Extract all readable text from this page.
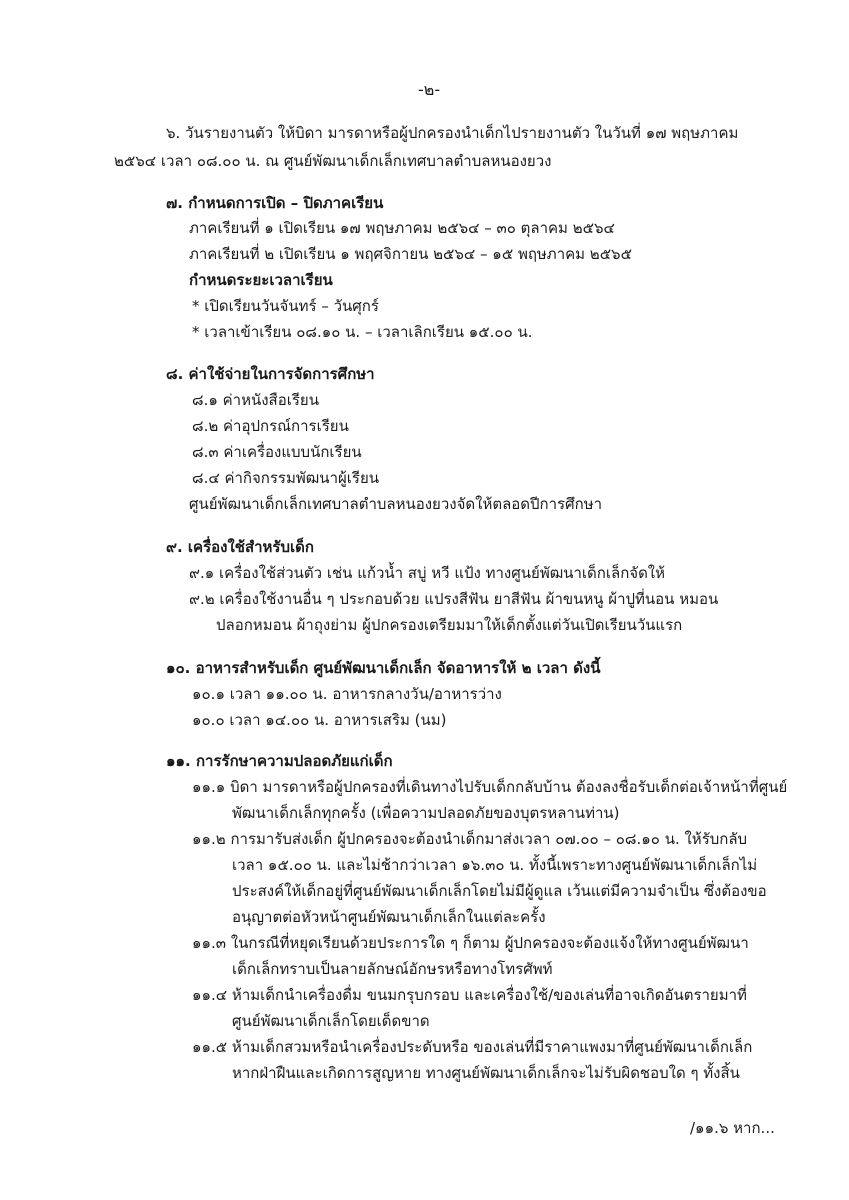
-๒-
๖. วันรายงานตัว ให้บิดา มารดาหรือผู้ปกครองนำเด็กไปรายงานตัว ในวันที่ ๑๗ พฤษภาคม
๒๕๖๔ เวลา ๐๘.๐๐ น. ณ ศูนย์พัฒนาเด็กเล็กเทศบาลตำบลหนองยวง
๗. กำหนดการเปิด – ปิดภาคเรียน
ภาคเรียนที่ ๑ เปิดเรียน ๑๗ พฤษภาคม ๒๕๖๔ – ๓๐ ตุลาคม ๒๕๖๔
ภาคเรียนที่ ๒ เปิดเรียน ๑ พฤศจิกายน ๒๕๖๔ – ๑๕ พฤษภาคม ๒๕๖๕
กำหนดระยะเวลาเรียน
* เปิดเรียนวันจันทร์ – วันศุกร์
* เวลาเข้าเรียน ๐๘.๑๐ น. – เวลาเลิกเรียน ๑๕.๐๐ น.
๘. ค่าใช้จ่ายในการจัดการศึกษา
๘.๑ ค่าหนังสือเรียน
๘.๒ ค่าอุปกรณ์การเรียน
๘.๓ ค่าเครื่องแบบนักเรียน
๘.๔ ค่ากิจกรรมพัฒนาผู้เรียน
ศูนย์พัฒนาเด็กเล็กเทศบาลตำบลหนองยวงจัดให้ตลอดปีการศึกษา
๙. เครื่องใช้สำหรับเด็ก
๙.๑ เครื่องใช้ส่วนตัว เช่น แก้วน้ำ สบู่ หวี แป้ง ทางศูนย์พัฒนาเด็กเล็กจัดให้
๙.๒ เครื่องใช้งานอื่น ๆ ประกอบด้วย แปรงสีฟัน ยาสีฟัน ผ้าขนหนู ผ้าปูที่นอน หมอน
ปลอกหมอน ผ้าถุงย่าม ผู้ปกครองเตรียมมาให้เด็กตั้งแต่วันเปิดเรียนวันแรก
๑๐. อาหารสำหรับเด็ก ศูนย์พัฒนาเด็กเล็ก จัดอาหารให้ ๒ เวลา ดังนี้
๑๐.๑ เวลา ๑๑.๐๐ น. อาหารกลางวัน/อาหารว่าง
๑๐.๐ เวลา ๑๔.๐๐ น. อาหารเสริม (นม)
๑๑. การรักษาความปลอดภัยแก่เด็ก
๑๑.๑ บิดา มารดาหรือผู้ปกครองที่เดินทางไปรับเด็กกลับบ้าน ต้องลงชื่อรับเด็กต่อเจ้าหน้าที่ศูนย์
พัฒนาเด็กเล็กทุกครั้ง (เพื่อความปลอดภัยของบุตรหลานท่าน)
๑๑.๒ การมารับส่งเด็ก ผู้ปกครองจะต้องนำเด็กมาส่งเวลา ๐๗.๐๐ – ๐๘.๑๐ น. ให้รับกลับ
เวลา ๑๕.๐๐ น. และไม่ช้ากว่าเวลา ๑๖.๓๐ น. ทั้งนี้เพราะทางศูนย์พัฒนาเด็กเล็กไม่
ประสงค์ให้เด็กอยู่ที่ศูนย์พัฒนาเด็กเล็กโดยไม่มีผู้ดูแล เว้นแต่มีความจำเป็น ซึ่งต้องขอ
อนุญาตต่อหัวหน้าศูนย์พัฒนาเด็กเล็กในแต่ละครั้ง
๑๑.๓ ในกรณีที่หยุดเรียนด้วยประการใด ๆ ก็ตาม ผู้ปกครองจะต้องแจ้งให้ทางศูนย์พัฒนา
เด็กเล็กทราบเป็นลายลักษณ์อักษรหรือทางโทรศัพท์
๑๑.๔ ห้ามเด็กนำเครื่องดื่ม ขนมกรุบกรอบ และเครื่องใช้/ของเล่นที่อาจเกิดอันตรายมาที่
ศูนย์พัฒนาเด็กเล็กโดยเด็ดขาด
๑๑.๕ ห้ามเด็กสวมหรือนำเครื่องประดับหรือ ของเล่นที่มีราคาแพงมาที่ศูนย์พัฒนาเด็กเล็ก
หากฝ่าฝืนและเกิดการสูญหาย ทางศูนย์พัฒนาเด็กเล็กจะไม่รับผิดชอบใด ๆ ทั้งสิ้น
/๑๑.๖ หาก...
